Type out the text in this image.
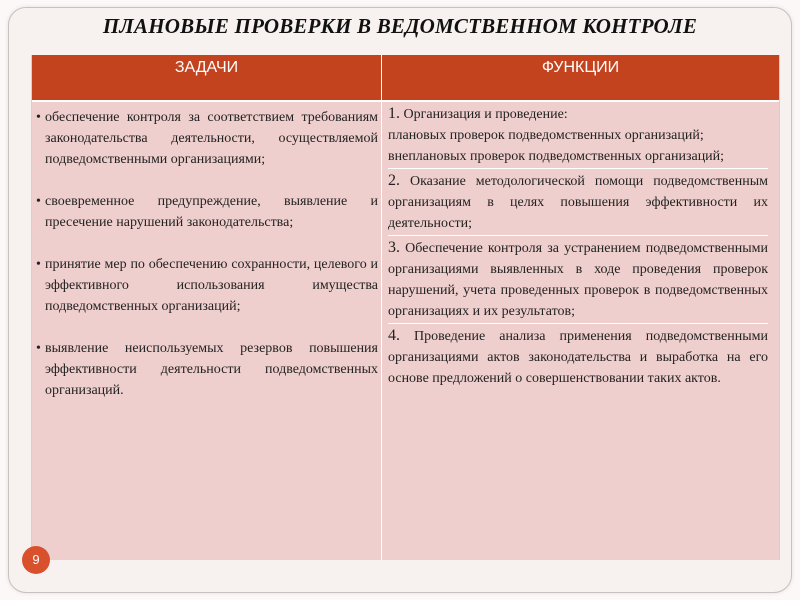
ПЛАНОВЫЕ ПРОВЕРКИ В ВЕДОМСТВЕННОМ КОНТРОЛЕ
ЗАДАЧИ	ФУНКЦИИ
• обеспечение контроля за соответствием требованиям законодательства деятельности, осуществляемой подведомственными организациями;
• своевременное предупреждение, выявление и пресечение нарушений законодательства;
• принятие мер по обеспечению сохранности, целевого и эффективного использования имущества подведомственных организаций;
• выявление неиспользуемых резервов повышения эффективности деятельности подведомственных организаций.
1. Организация и проведение:
плановых проверок подведомственных организаций;
внеплановых проверок подведомственных организаций;
2. Оказание методологической помощи подведомственным организациям в целях повышения эффективности их деятельности;
3. Обеспечение контроля за устранением подведомственными организациями выявленных в ходе проведения проверок нарушений, учета проведенных проверок в подведомственных организациях и их результатов;
4. Проведение анализа применения подведомственными организациями актов законодательства и выработка на его основе предложений о совершенствовании таких актов.
9
